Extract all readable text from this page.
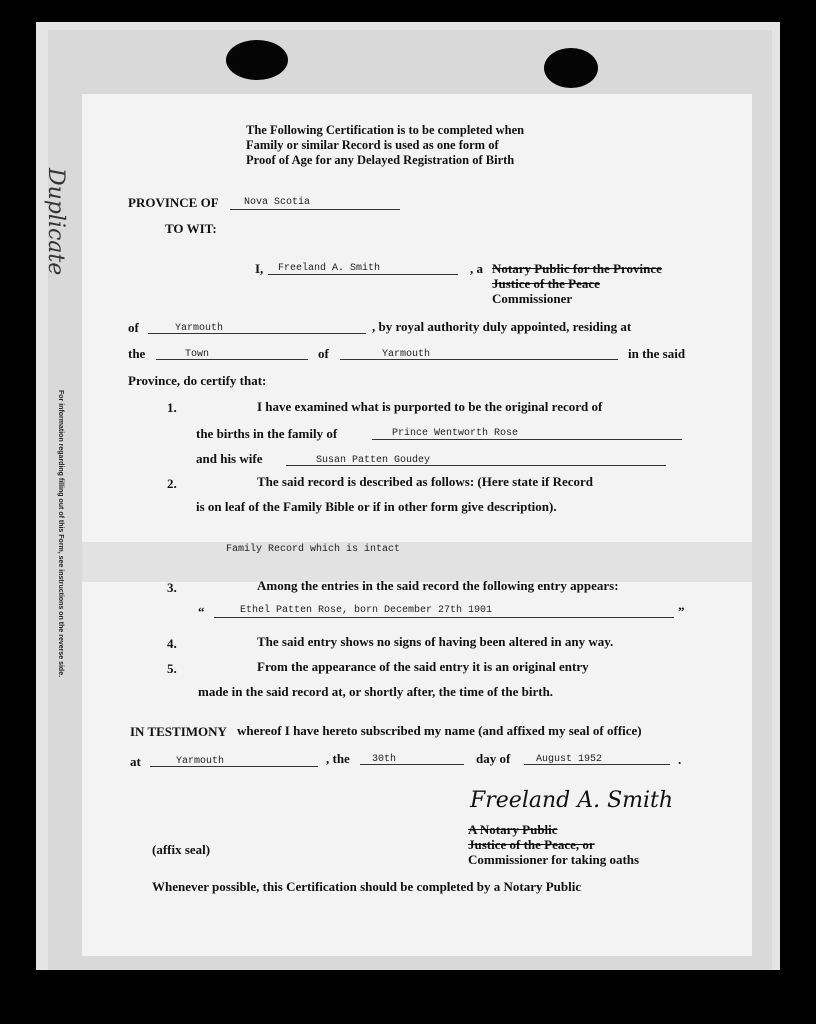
Duplicate
For information regarding filling out of this Form, see instructions on the reverse side.
The Following Certification is to be completed when
Family or similar Record is used as one form of
Proof of Age for any Delayed Registration of Birth
PROVINCE OF	Nova Scotia
TO WIT:
I, Freeland A. Smith	, a Notary Public for the Province
Justice of the Peace
Commissioner
of	Yarmouth	, by royal authority duly appointed, residing at
the	Town	of	Yarmouth	in the said
Province, do certify that:
1.	I have examined what is purported to be the original record of
the births in the family of	Prince Wentworth Rose
and his wife	Susan Patten Goudey
2.	The said record is described as follows: (Here state if Record
is on leaf of the Family Bible or if in other form give description).
Family Record which is intact
3.	Among the entries in the said record the following entry appears:
“	Ethel Patten Rose, born December 27th 1901	”
4.	The said entry shows no signs of having been altered in any way.
5.	From the appearance of the said entry it is an original entry
made in the said record at, or shortly after, the time of the birth.
IN TESTIMONY whereof I have hereto subscribed my name (and affixed my seal of office)
at	Yarmouth	, the 30th	day of	August 1952	.
Freeland A. Smith
A Notary Public
Justice of the Peace, or
Commissioner for taking oaths
(affix seal)
Whenever possible, this Certification should be completed by a Notary Public
